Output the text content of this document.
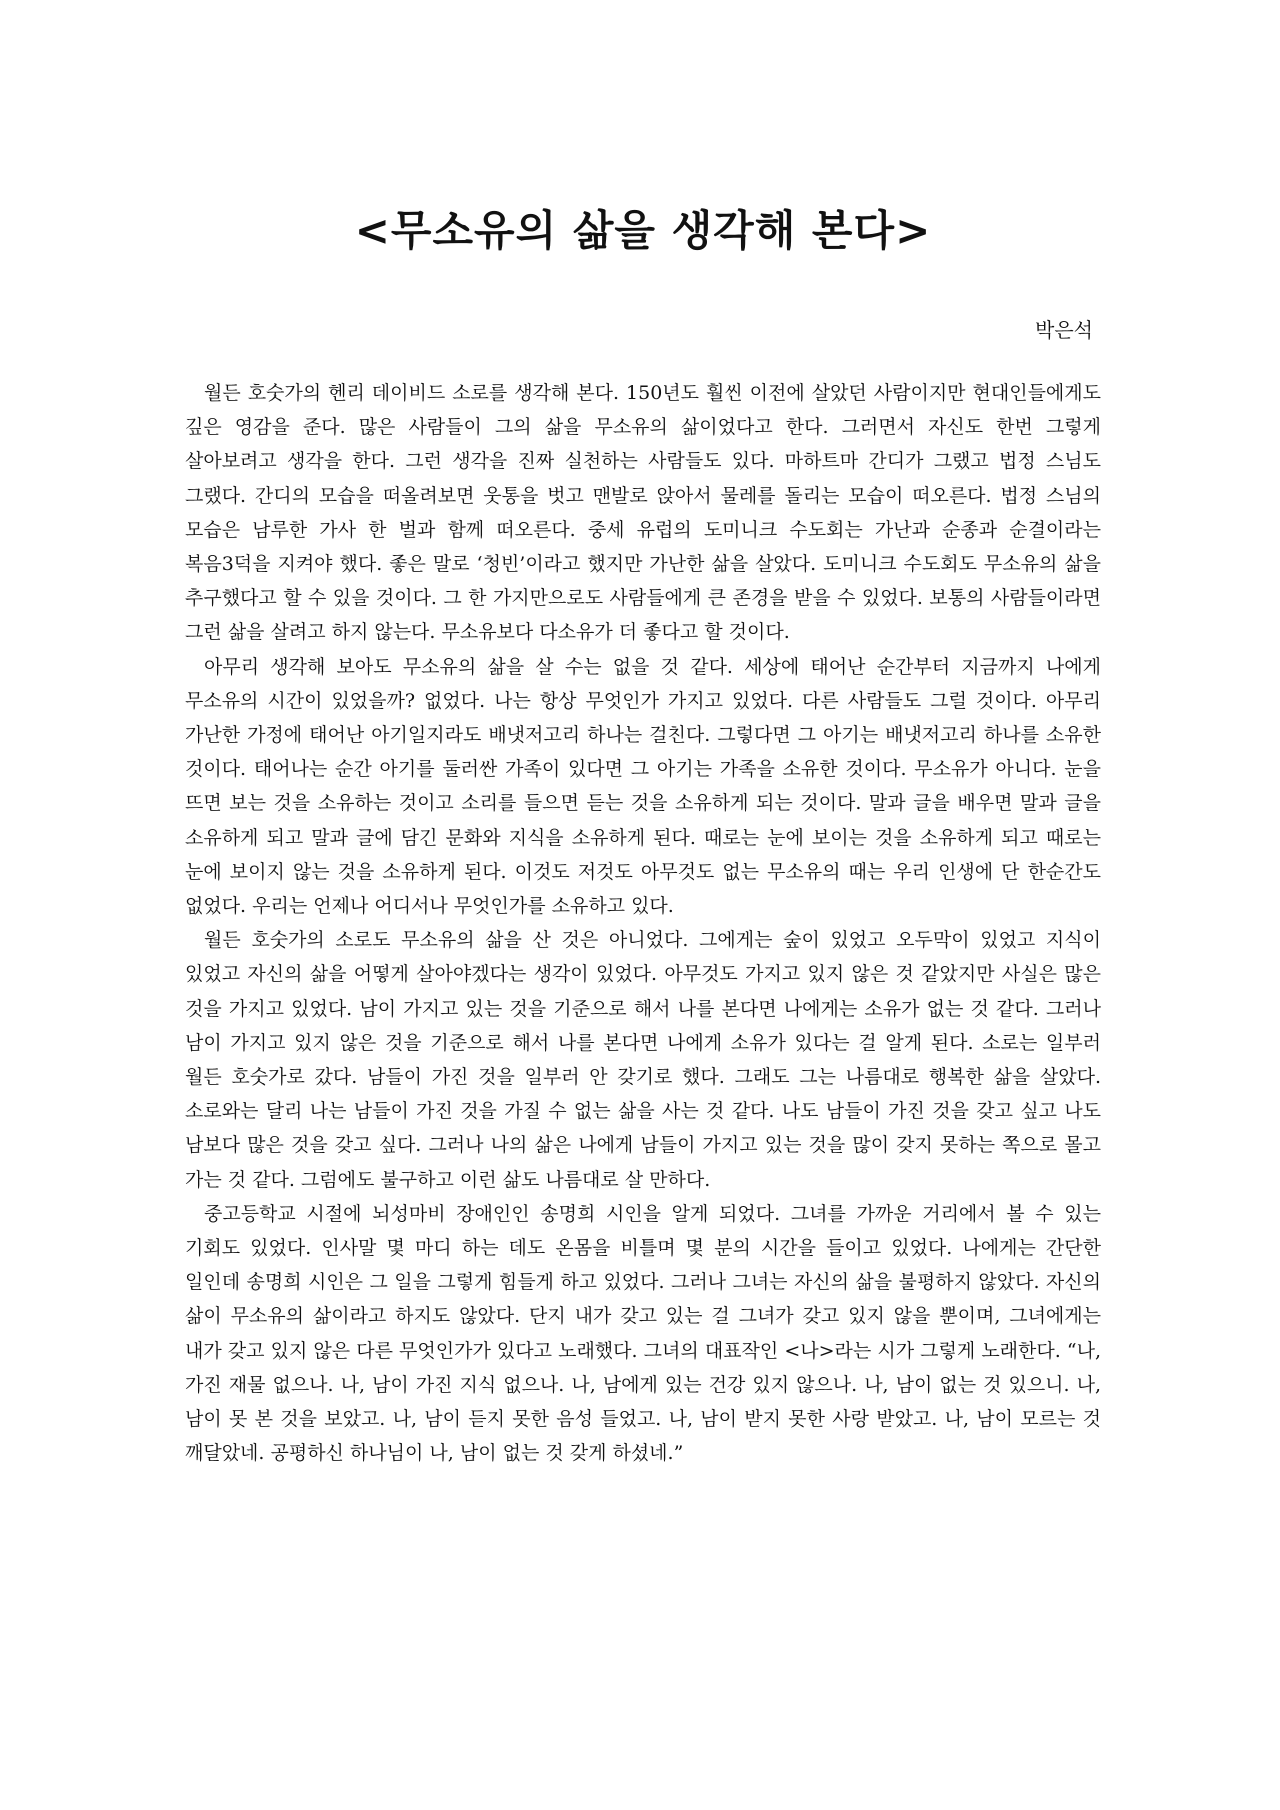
<무소유의 삶을 생각해 본다>

박은석

월든 호숫가의 헨리 데이비드 소로를 생각해 본다. 150년도 훨씬 이전에 살았던 사람이지만 현대인들에게도 깊은 영감을 준다. 많은 사람들이 그의 삶을 무소유의 삶이었다고 한다. 그러면서 자신도 한번 그렇게 살아보려고 생각을 한다. 그런 생각을 진짜 실천하는 사람들도 있다. 마하트마 간디가 그랬고 법정 스님도 그랬다. 간디의 모습을 떠올려보면 웃통을 벗고 맨발로 앉아서 물레를 돌리는 모습이 떠오른다. 법정 스님의 모습은 남루한 가사 한 벌과 함께 떠오른다. 중세 유럽의 도미니크 수도회는 가난과 순종과 순결이라는 복음3덕을 지켜야 했다. 좋은 말로 ‘청빈’이라고 했지만 가난한 삶을 살았다. 도미니크 수도회도 무소유의 삶을 추구했다고 할 수 있을 것이다. 그 한 가지만으로도 사람들에게 큰 존경을 받을 수 있었다. 보통의 사람들이라면 그런 삶을 살려고 하지 않는다. 무소유보다 다소유가 더 좋다고 할 것이다.

아무리 생각해 보아도 무소유의 삶을 살 수는 없을 것 같다. 세상에 태어난 순간부터 지금까지 나에게 무소유의 시간이 있었을까? 없었다. 나는 항상 무엇인가 가지고 있었다. 다른 사람들도 그럴 것이다. 아무리 가난한 가정에 태어난 아기일지라도 배냇저고리 하나는 걸친다. 그렇다면 그 아기는 배냇저고리 하나를 소유한 것이다. 태어나는 순간 아기를 둘러싼 가족이 있다면 그 아기는 가족을 소유한 것이다. 무소유가 아니다. 눈을 뜨면 보는 것을 소유하는 것이고 소리를 들으면 듣는 것을 소유하게 되는 것이다. 말과 글을 배우면 말과 글을 소유하게 되고 말과 글에 담긴 문화와 지식을 소유하게 된다. 때로는 눈에 보이는 것을 소유하게 되고 때로는 눈에 보이지 않는 것을 소유하게 된다. 이것도 저것도 아무것도 없는 무소유의 때는 우리 인생에 단 한순간도 없었다. 우리는 언제나 어디서나 무엇인가를 소유하고 있다.

월든 호숫가의 소로도 무소유의 삶을 산 것은 아니었다. 그에게는 숲이 있었고 오두막이 있었고 지식이 있었고 자신의 삶을 어떻게 살아야겠다는 생각이 있었다. 아무것도 가지고 있지 않은 것 같았지만 사실은 많은 것을 가지고 있었다. 남이 가지고 있는 것을 기준으로 해서 나를 본다면 나에게는 소유가 없는 것 같다. 그러나 남이 가지고 있지 않은 것을 기준으로 해서 나를 본다면 나에게 소유가 있다는 걸 알게 된다. 소로는 일부러 월든 호숫가로 갔다. 남들이 가진 것을 일부러 안 갖기로 했다. 그래도 그는 나름대로 행복한 삶을 살았다. 소로와는 달리 나는 남들이 가진 것을 가질 수 없는 삶을 사는 것 같다. 나도 남들이 가진 것을 갖고 싶고 나도 남보다 많은 것을 갖고 싶다. 그러나 나의 삶은 나에게 남들이 가지고 있는 것을 많이 갖지 못하는 쪽으로 몰고 가는 것 같다. 그럼에도 불구하고 이런 삶도 나름대로 살 만하다.

중고등학교 시절에 뇌성마비 장애인인 송명희 시인을 알게 되었다. 그녀를 가까운 거리에서 볼 수 있는 기회도 있었다. 인사말 몇 마디 하는 데도 온몸을 비틀며 몇 분의 시간을 들이고 있었다. 나에게는 간단한 일인데 송명희 시인은 그 일을 그렇게 힘들게 하고 있었다. 그러나 그녀는 자신의 삶을 불평하지 않았다. 자신의 삶이 무소유의 삶이라고 하지도 않았다. 단지 내가 갖고 있는 걸 그녀가 갖고 있지 않을 뿐이며, 그녀에게는 내가 갖고 있지 않은 다른 무엇인가가 있다고 노래했다. 그녀의 대표작인 <나>라는 시가 그렇게 노래한다. “나, 가진 재물 없으나. 나, 남이 가진 지식 없으나. 나, 남에게 있는 건강 있지 않으나. 나, 남이 없는 것 있으니. 나, 남이 못 본 것을 보았고. 나, 남이 듣지 못한 음성 들었고. 나, 남이 받지 못한 사랑 받았고. 나, 남이 모르는 것 깨달았네. 공평하신 하나님이 나, 남이 없는 것 갖게 하셨네.”
